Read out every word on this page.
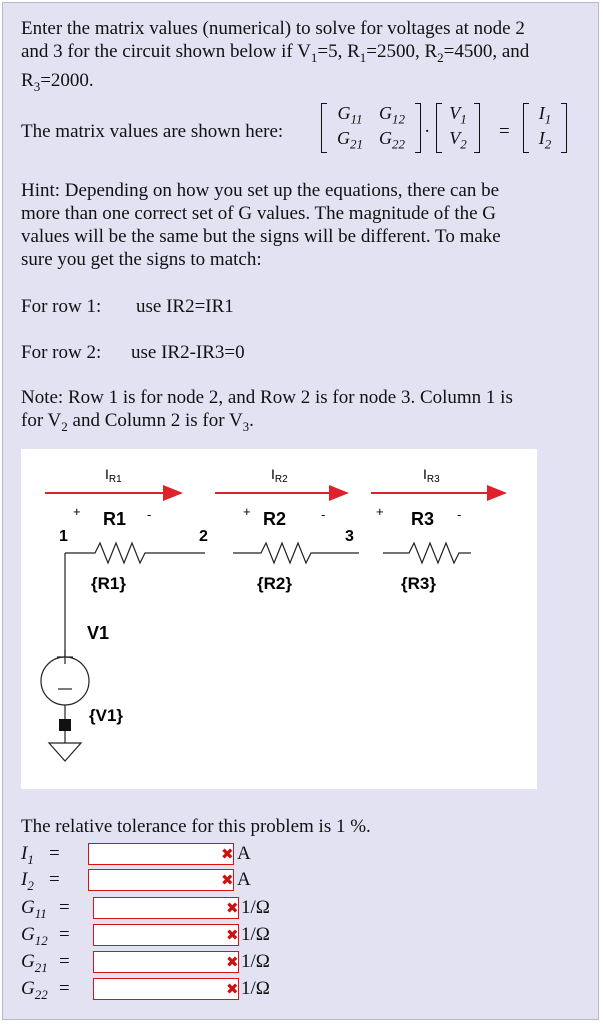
Enter the matrix values (numerical) to solve for voltages at node 2
and 3 for the circuit shown below if $V_1=5$, $R_1=2500$, $R_2=4500$, and
$R_3=2000$.
The matrix values are shown here:
$G_{11}$ $G_{12}$
$G_{21}$ $G_{22}$
·
$V_1$
$V_2$
=
$I_1$
$I_2$
Hint: Depending on how you set up the equations, there can be
more than one correct set of G values. The magnitude of the G
values will be the same but the signs will be different. To make
sure you get the signs to match:
For row 1: use IR2=IR1
For row 2: use IR2-IR3=0
Note: Row 1 is for node 2, and Row 2 is for node 3. Column 1 is
for $V_2$ and Column 2 is for $V_3$.
$I_{R1}$	$I_{R2}$	$I_{R3}$
+ R1 -	+ R2	-	+ R3 -
1	2	3
{R1}	{R2}	{R3}
V1
{V1}
The relative tolerance for this problem is 1 %.
$I_1$ =	✖ A
$I_2$ =	✖ A
$G_{11}$ =	✖ 1/Ω
$G_{12}$ =	✖ 1/Ω
$G_{21}$ =	✖ 1/Ω
$G_{22}$ =	✖ 1/Ω
